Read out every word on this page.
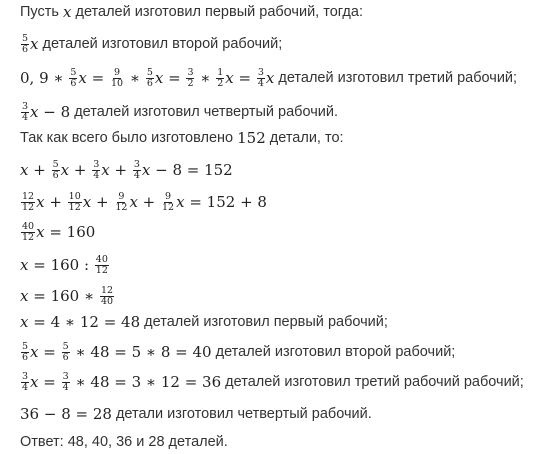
Пусть x деталей изготовил первый рабочий, тогда:
$\frac{5}{6}$ x деталей изготовил второй рабочий;
0, 9 ∗ $\frac{5}{6}$ $x = \frac{9}{10}$ ∗ $\frac{5}{6}$ $x = \frac{3}{2}$ ∗ $\frac{1}{2}$ $x = \frac{3}{4}$ x деталей изготовил третий рабочий;
$\frac{3}{4}$ x − 8 деталей изготовил четвертый рабочий.
Так как всего было изготовлено 152 детали, то:
$x + \frac{5}{6}$ $x + \frac{3}{4}$ $x + \frac{3}{4}$ x − 8 = 152
$\frac{12}{12}$ $x + \frac{10}{12}$ $x + \frac{9}{12}$ $x + \frac{9}{12}$ x = 152 + 8
$\frac{40}{12}$ x = 160
x = 160 : $\frac{40}{12}$
x = 160 ∗ $\frac{12}{40}$
x = 4 ∗ 12 = 48 деталей изготовил первый рабочий;
$\frac{5}{6}$ $x = \frac{5}{6}$ ∗ 48 = 5 ∗ 8 = 40 деталей изготовил второй рабочий;
$\frac{3}{4}$ $x = \frac{3}{4}$ ∗ 48 = 3 ∗ 12 = 36 деталей изготовил третий рабочий рабочий;
36 − 8 = 28 детали изготовил четвертый рабочий.
Ответ: 48, 40, 36 и 28 деталей.
